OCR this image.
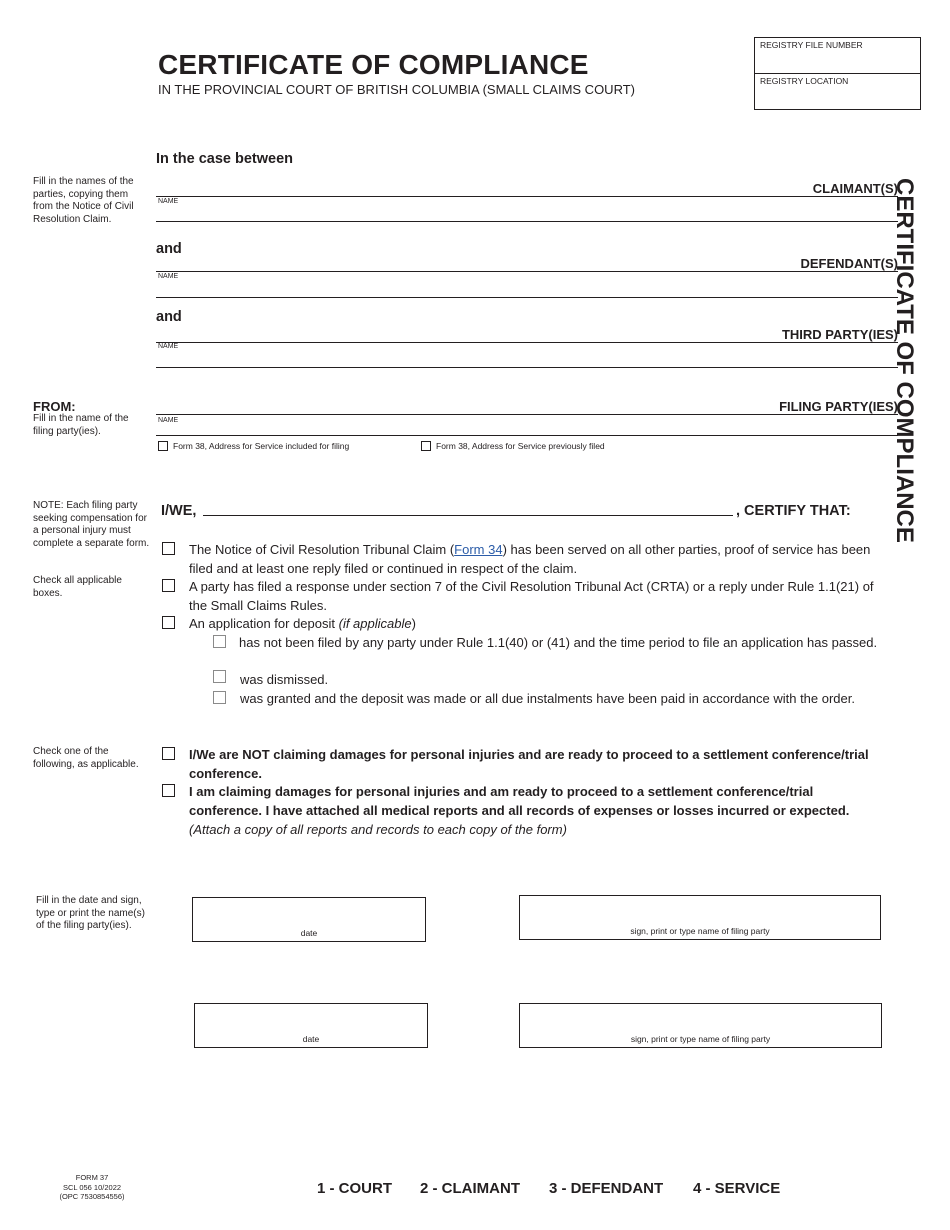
CERTIFICATE OF COMPLIANCE
IN THE PROVINCIAL COURT OF BRITISH COLUMBIA (SMALL CLAIMS COURT)
REGISTRY FILE NUMBER
REGISTRY LOCATION
CERTIFICATE OF COMPLIANCE
In the case between
Fill in the names of the parties, copying them from the Notice of Civil Resolution Claim.
CLAIMANT(S)
NAME
and
DEFENDANT(S)
NAME
and
THIRD PARTY(IES)
NAME
FROM:
Fill in the name of the filing party(ies).
FILING PARTY(IES)
NAME
Form 38, Address for Service included for filing	Form 38, Address for Service previously filed
NOTE: Each filing party seeking compensation for a personal injury must complete a separate form.
Check all applicable boxes.
I/WE,	, CERTIFY THAT:
The Notice of Civil Resolution Tribunal Claim (Form 34) has been served on all other parties, proof of service has been filed and at least one reply filed or continued in respect of the claim.
A party has filed a response under section 7 of the Civil Resolution Tribunal Act (CRTA) or a reply under Rule 1.1(21) of the Small Claims Rules.
An application for deposit (if applicable)
has not been filed by any party under Rule 1.1(40) or (41) and the time period to file an application has passed.
was dismissed.
was granted and the deposit was made or all due instalments have been paid in accordance with the order.
Check one of the following, as applicable.
I/We are NOT claiming damages for personal injuries and are ready to proceed to a settlement conference/trial conference.
I am claiming damages for personal injuries and am ready to proceed to a settlement conference/trial conference. I have attached all medical reports and all records of expenses or losses incurred or expected. (Attach a copy of all reports and records to each copy of the form)
Fill in the date and sign, type or print the name(s) of the filing party(ies).
date	sign, print or type name of filing party
date	sign, print or type name of filing party
FORM 37
SCL 056 10/2022
(OPC 7530854556)	1 - COURT 2 - CLAIMANT 3 - DEFENDANT 4 - SERVICE
